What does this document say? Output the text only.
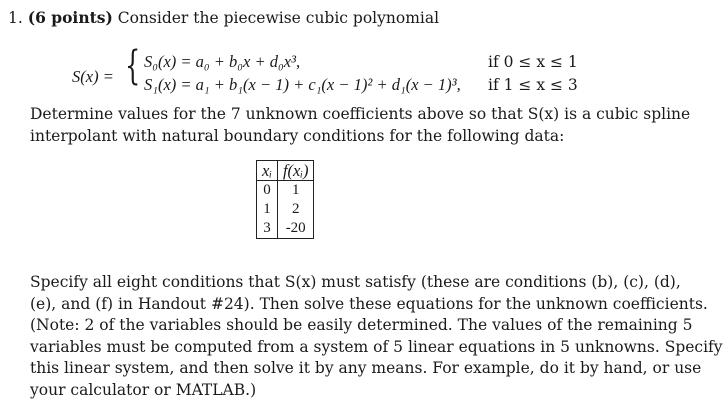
1. (6 points) Consider the piecewise cubic polynomial
S(x) = { S₀(x) = a₀ + b₀x + d₀x³,	if 0 ≤ x ≤ 1
S₁(x) = a₁ + b₁(x − 1) + c₁(x − 1)² + d₁(x − 1)³, if 1 ≤ x ≤ 3
Determine values for the 7 unknown coefficients above so that S(x) is a cubic spline
interpolant with natural boundary conditions for the following data:
xᵢ	f(xᵢ)
0	1
1	2
3	-20
Specify all eight conditions that S(x) must satisfy (these are conditions (b), (c), (d),
(e), and (f) in Handout #24). Then solve these equations for the unknown coefficients.
(Note: 2 of the variables should be easily determined. The values of the remaining 5
variables must be computed from a system of 5 linear equations in 5 unknowns. Specify
this linear system, and then solve it by any means. For example, do it by hand, or use
your calculator or MATLAB.)
